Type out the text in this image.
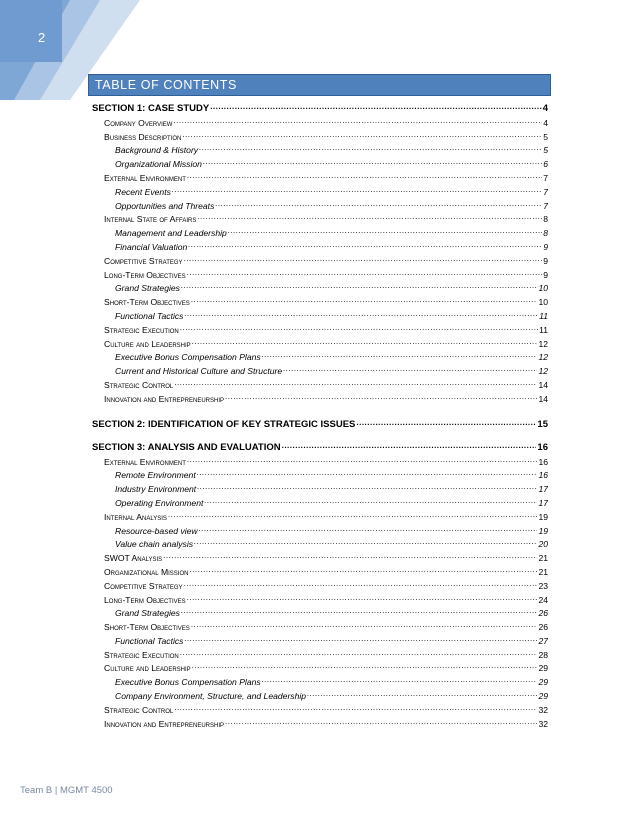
2
TABLE OF CONTENTS
SECTION 1: CASE STUDY .....	4
Company Overview .....	4
Business Description .....	5
Background & History .....	5
Organizational Mission .....	6
External Environment .....	7
Recent Events .....	7
Opportunities and Threats .....	7
Internal State of Affairs .....	8
Management and Leadership .....	8
Financial Valuation .....	9
Competitive Strategy .....	9
Long-Term Objectives .....	9
Grand Strategies .....	10
Short-Term Objectives .....	10
Functional Tactics .....	11
Strategic Execution .....	11
Culture and Leadership .....	12
Executive Bonus Compensation Plans .....	12
Current and Historical Culture and Structure .....	12
Strategic Control .....	14
Innovation and Entrepreneurship .....	14
SECTION 2: IDENTIFICATION OF KEY STRATEGIC ISSUES .....	15
SECTION 3: ANALYSIS AND EVALUATION .....	16
External Environment .....	16
Remote Environment .....	16
Industry Environment .....	17
Operating Environment .....	17
Internal Analysis .....	19
Resource-based view .....	19
Value chain analysis .....	20
SWOT Analysis .....	21
Organizational Mission .....	21
Competitive Strategy .....	23
Long-Term Objectives .....	24
Grand Strategies .....	26
Short-Term Objectives .....	26
Functional Tactics .....	27
Strategic Execution .....	28
Culture and Leadership .....	29
Executive Bonus Compensation Plans .....	29
Company Environment, Structure, and Leadership .....	29
Strategic Control .....	32
Innovation and Entrepreneurship .....	32
Team B | MGMT 4500
